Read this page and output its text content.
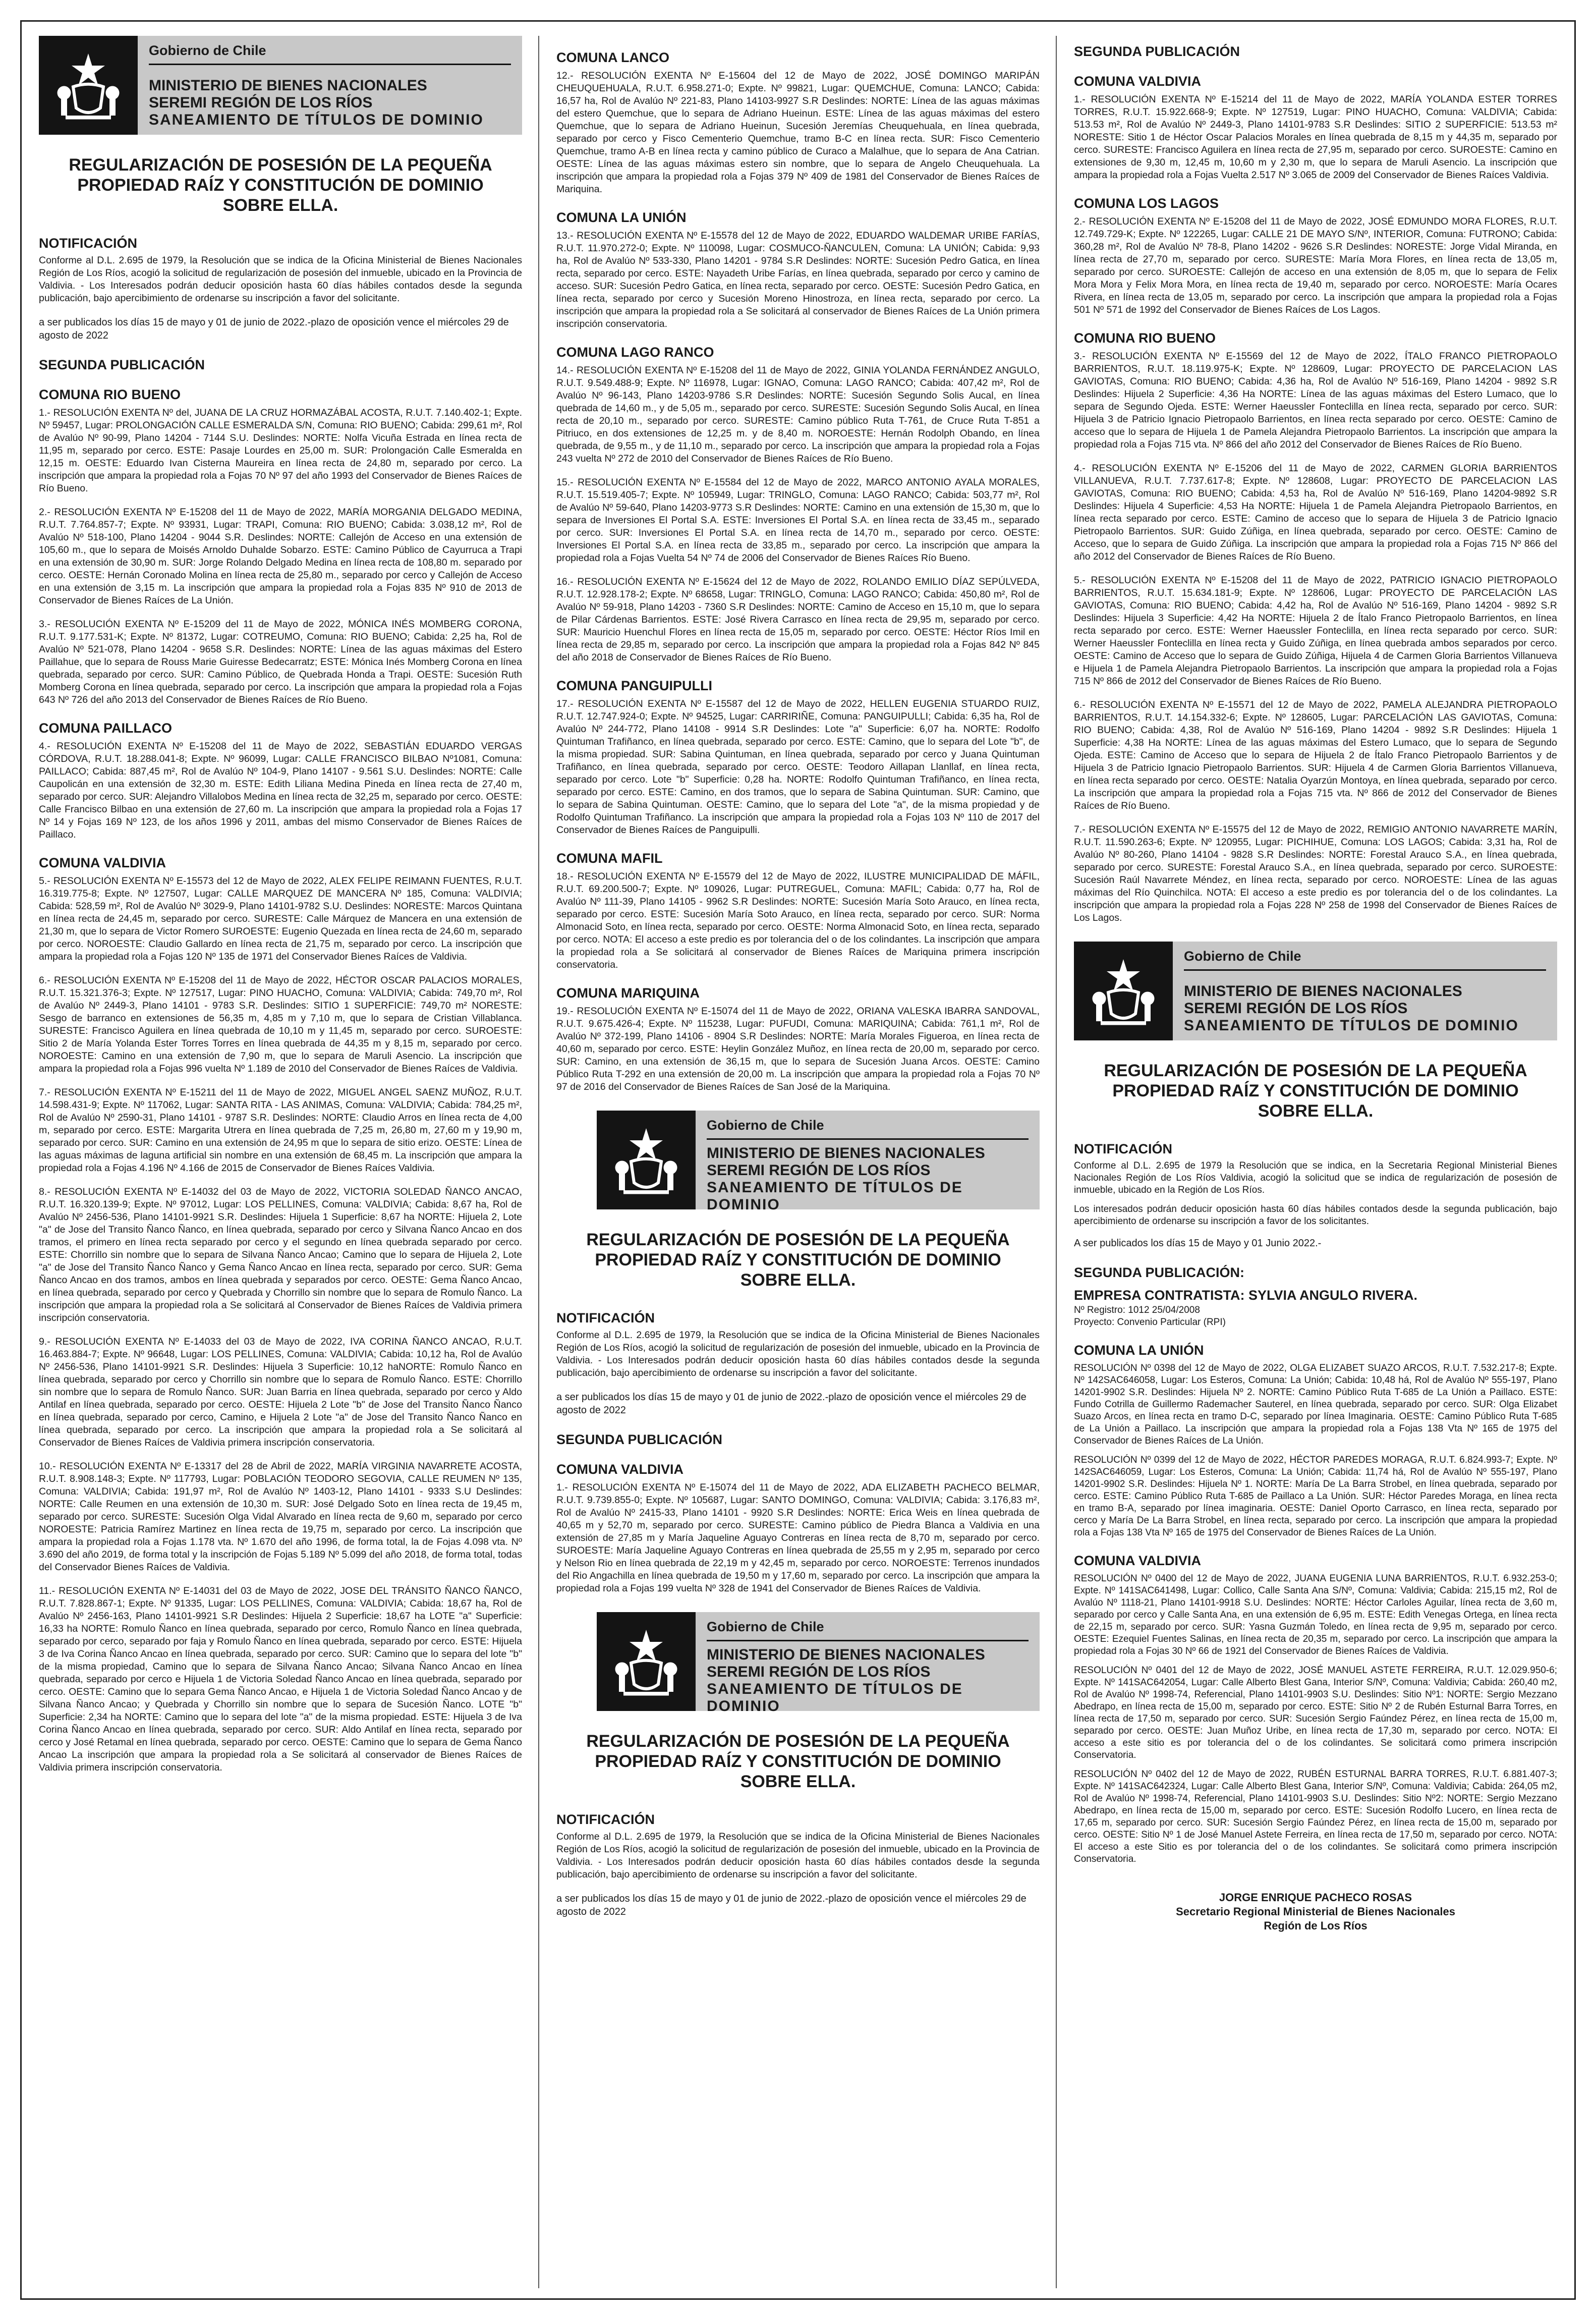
Gobierno de Chile
MINISTERIO DE BIENES NACIONALES
SEREMI REGIÓN DE LOS RÍOS
SANEAMIENTO DE TÍTULOS DE DOMINIO
REGULARIZACIÓN DE POSESIÓN DE LA PEQUEÑA PROPIEDAD RAÍZ Y CONSTITUCIÓN DE DOMINIO SOBRE ELLA.
NOTIFICACIÓN
Conforme al D.L. 2.695 de 1979, la Resolución que se indica de la Oficina Ministerial de Bienes Nacionales Región de Los Ríos, acogió la solicitud de regularización de posesión del inmueble, ubicado en la Provincia de Valdivia. - Los Interesados podrán deducir oposición hasta 60 días hábiles contados desde la segunda publicación, bajo apercibimiento de ordenarse su inscripción a favor del solicitante.
a ser publicados los días 15 de mayo y 01 de junio de 2022.-plazo de oposición vence el miércoles 29 de agosto de 2022
SEGUNDA PUBLICACIÓN
COMUNA RIO BUENO
1.- RESOLUCIÓN EXENTA Nº del, JUANA DE LA CRUZ HORMAZÁBAL ACOSTA, R.U.T. 7.140.402-1; Expte. Nº 59457, Lugar: PROLONGACIÓN CALLE ESMERALDA S/N, Comuna: RIO BUENO; Cabida: 299,61 m², Rol de Avalúo Nº 90-99, Plano 14204 - 7144 S.U. Deslindes: NORTE: Nolfa Vicuña Estrada en línea recta de 11,95 m, separado por cerco. ESTE: Pasaje Lourdes en 25,00 m. SUR: Prolongación Calle Esmeralda en 12,15 m. OESTE: Eduardo Ivan Cisterna Maureira en línea recta de 24,80 m, separado por cerco. La inscripción que ampara la propiedad rola a Fojas 70 Nº 97 del año 1993 del Conservador de Bienes Raíces de Río Bueno.
2.- RESOLUCIÓN EXENTA Nº E-15208 del 11 de Mayo de 2022, MARÍA MORGANIA DELGADO MEDINA, R.U.T. 7.764.857-7; Expte. Nº 93931, Lugar: TRAPI, Comuna: RIO BUENO; Cabida: 3.038,12 m², Rol de Avalúo Nº 518-100, Plano 14204 - 9044 S.R. Deslindes: NORTE: Callejón de Acceso en una extensión de 105,60 m., que lo separa de Moisés Arnoldo Duhalde Sobarzo. ESTE: Camino Público de Cayurruca a Trapi en una extensión de 30,90 m. SUR: Jorge Rolando Delgado Medina en línea recta de 108,80 m. separado por cerco. OESTE: Hernán Coronado Molina en línea recta de 25,80 m., separado por cerco y Callejón de Acceso en una extensión de 3,15 m. La inscripción que ampara la propiedad rola a Fojas 835 Nº 910 de 2013 de Conservador de Bienes Raíces de La Unión.
3.- RESOLUCIÓN EXENTA Nº E-15209 del 11 de Mayo de 2022, MÓNICA INÉS MOMBERG CORONA, R.U.T. 9.177.531-K; Expte. Nº 81372, Lugar: COTREUMO, Comuna: RIO BUENO; Cabida: 2,25 ha, Rol de Avalúo Nº 521-078, Plano 14204 - 9658 S.R. Deslindes: NORTE: Línea de las aguas máximas del Estero Paillahue, que lo separa de Rouss Marie Guiresse Bedecarratz; ESTE: Mónica Inés Momberg Corona en línea quebrada, separado por cerco. SUR: Camino Público, de Quebrada Honda a Trapi. OESTE: Sucesión Ruth Momberg Corona en línea quebrada, separado por cerco. La inscripción que ampara la propiedad rola a Fojas 643 Nº 726 del año 2013 del Conservador de Bienes Raíces de Río Bueno.
COMUNA PAILLACO
4.- RESOLUCIÓN EXENTA Nº E-15208 del 11 de Mayo de 2022, SEBASTIÁN EDUARDO VERGAS CÓRDOVA, R.U.T. 18.288.041-8; Expte. Nº 96099, Lugar: CALLE FRANCISCO BILBAO Nº1081, Comuna: PAILLACO; Cabida: 887,45 m², Rol de Avalúo Nº 104-9, Plano 14107 - 9.561 S.U. Deslindes: NORTE: Calle Caupolicán en una extensión de 32,30 m. ESTE: Edith Liliana Medina Pineda en línea recta de 27,40 m, separado por cerco. SUR: Alejandro Villalobos Medina en línea recta de 32,25 m, separado por cerco. OESTE: Calle Francisco Bilbao en una extensión de 27,60 m. La inscripción que ampara la propiedad rola a Fojas 17 Nº 14 y Fojas 169 Nº 123, de los años 1996 y 2011, ambas del mismo Conservador de Bienes Raíces de Paillaco.
COMUNA VALDIVIA
5.- RESOLUCIÓN EXENTA Nº E-15573 del 12 de Mayo de 2022, ALEX FELIPE REIMANN FUENTES, R.U.T. 16.319.775-8; Expte. Nº 127507, Lugar: CALLE MARQUEZ DE MANCERA Nº 185, Comuna: VALDIVIA; Cabida: 528,59 m², Rol de Avalúo Nº 3029-9, Plano 14101-9782 S.U. Deslindes: NORESTE: Marcos Quintana en línea recta de 24,45 m, separado por cerco. SURESTE: Calle Márquez de Mancera en una extensión de 21,30 m, que lo separa de Victor Romero SUROESTE: Eugenio Quezada en línea recta de 24,60 m, separado por cerco. NOROESTE: Claudio Gallardo en línea recta de 21,75 m, separado por cerco. La inscripción que ampara la propiedad rola a Fojas 120 Nº 135 de 1971 del Conservador Bienes Raíces de Valdivia.
6.- RESOLUCIÓN EXENTA Nº E-15208 del 11 de Mayo de 2022, HÉCTOR OSCAR PALACIOS MORALES, R.U.T. 15.321.376-3; Expte. Nº 127517, Lugar: PINO HUACHO, Comuna: VALDIVIA; Cabida: 749,70 m², Rol de Avalúo Nº 2449-3, Plano 14101 - 9783 S.R. Deslindes: SITIO 1 SUPERFICIE: 749,70 m² NORESTE: Sesgo de barranco en extensiones de 56,35 m, 4,85 m y 7,10 m, que lo separa de Cristian Villablanca. SURESTE: Francisco Aguilera en línea quebrada de 10,10 m y 11,45 m, separado por cerco. SUROESTE: Sitio 2 de María Yolanda Ester Torres Torres en línea quebrada de 44,35 m y 8,15 m, separado por cerco. NOROESTE: Camino en una extensión de 7,90 m, que lo separa de Maruli Asencio. La inscripción que ampara la propiedad rola a Fojas 996 vuelta Nº 1.189 de 2010 del Conservador de Bienes Raíces de Valdivia.
7.- RESOLUCIÓN EXENTA Nº E-15211 del 11 de Mayo de 2022, MIGUEL ANGEL SAENZ MUÑOZ, R.U.T. 14.598.431-9; Expte. Nº 117062, Lugar: SANTA RITA - LAS ANIMAS, Comuna: VALDIVIA; Cabida: 784,25 m², Rol de Avalúo Nº 2590-31, Plano 14101 - 9787 S.R. Deslindes: NORTE: Claudio Arros en línea recta de 4,00 m, separado por cerco. ESTE: Margarita Utrera en línea quebrada de 7,25 m, 26,80 m, 27,60 m y 19,90 m, separado por cerco. SUR: Camino en una extensión de 24,95 m que lo separa de sitio erizo. OESTE: Línea de las aguas máximas de laguna artificial sin nombre en una extensión de 68,45 m. La inscripción que ampara la propiedad rola a Fojas 4.196 Nº 4.166 de 2015 de Conservador de Bienes Raíces Valdivia.
8.- RESOLUCIÓN EXENTA Nº E-14032 del 03 de Mayo de 2022, VICTORIA SOLEDAD ÑANCO ANCAO, R.U.T. 16.320.139-9; Expte. Nº 97012, Lugar: LOS PELLINES, Comuna: VALDIVIA; Cabida: 8,67 ha, Rol de Avalúo Nº 2456-536, Plano 14101-9921 S.R. Deslindes: Hijuela 1 Superficie: 8,67 ha NORTE: Hijuela 2, Lote "a" de Jose del Transito Ñanco Ñanco, en línea quebrada, separado por cerco y Silvana Ñanco Ancao en dos tramos, el primero en línea recta separado por cerco y el segundo en línea quebrada separado por cerco. ESTE: Chorrillo sin nombre que lo separa de Silvana Ñanco Ancao; Camino que lo separa de Hijuela 2, Lote "a" de Jose del Transito Ñanco Ñanco y Gema Ñanco Ancao en línea recta, separado por cerco. SUR: Gema Ñanco Ancao en dos tramos, ambos en línea quebrada y separados por cerco. OESTE: Gema Ñanco Ancao, en línea quebrada, separado por cerco y Quebrada y Chorrillo sin nombre que lo separa de Romulo Ñanco. La inscripción que ampara la propiedad rola a Se solicitará al Conservador de Bienes Raíces de Valdivia primera inscripción conservatoria.
9.- RESOLUCIÓN EXENTA Nº E-14033 del 03 de Mayo de 2022, IVA CORINA ÑANCO ANCAO, R.U.T. 16.463.884-7; Expte. Nº 96648, Lugar: LOS PELLINES, Comuna: VALDIVIA; Cabida: 10,12 ha, Rol de Avalúo Nº 2456-536, Plano 14101-9921 S.R. Deslindes: Hijuela 3 Superficie: 10,12 haNORTE: Romulo Ñanco en línea quebrada, separado por cerco y Chorrillo sin nombre que lo separa de Romulo Ñanco. ESTE: Chorrillo sin nombre que lo separa de Romulo Ñanco. SUR: Juan Barria en línea quebrada, separado por cerco y Aldo Antilaf en línea quebrada, separado por cerco. OESTE: Hijuela 2 Lote "b" de Jose del Transito Ñanco Ñanco en línea quebrada, separado por cerco, Camino, e Hijuela 2 Lote "a" de Jose del Transito Ñanco Ñanco en línea quebrada, separado por cerco. La inscripción que ampara la propiedad rola a Se solicitará al Conservador de Bienes Raíces de Valdivia primera inscripción conservatoria.
10.- RESOLUCIÓN EXENTA Nº E-13317 del 28 de Abril de 2022, MARÍA VIRGINIA NAVARRETE ACOSTA, R.U.T. 8.908.148-3; Expte. Nº 117793, Lugar: POBLACIÓN TEODORO SEGOVIA, CALLE REUMEN Nº 135, Comuna: VALDIVIA; Cabida: 191,97 m², Rol de Avalúo Nº 1403-12, Plano 14101 - 9333 S.U Deslindes: NORTE: Calle Reumen en una extensión de 10,30 m. SUR: José Delgado Soto en línea recta de 19,45 m, separado por cerco. SURESTE: Sucesión Olga Vidal Alvarado en línea recta de 9,60 m, separado por cerco NOROESTE: Patricia Ramírez Martinez en línea recta de 19,75 m, separado por cerco. La inscripción que ampara la propiedad rola a Fojas 1.178 vta. Nº 1.670 del año 1996, de forma total, la de Fojas 4.098 vta. Nº 3.690 del año 2019, de forma total y la inscripción de Fojas 5.189 Nº 5.099 del año 2018, de forma total, todas del Conservador Bienes Raíces de Valdivia.
11.- RESOLUCIÓN EXENTA Nº E-14031 del 03 de Mayo de 2022, JOSE DEL TRÁNSITO ÑANCO ÑANCO, R.U.T. 7.828.867-1; Expte. Nº 91335, Lugar: LOS PELLINES, Comuna: VALDIVIA; Cabida: 18,67 ha, Rol de Avalúo Nº 2456-163, Plano 14101-9921 S.R Deslindes: Hijuela 2 Superficie: 18,67 ha LOTE "a" Superficie: 16,33 ha NORTE: Romulo Ñanco en línea quebrada, separado por cerco, Romulo Ñanco en línea quebrada, separado por cerco, separado por faja y Romulo Ñanco en línea quebrada, separado por cerco. ESTE: Hijuela 3 de Iva Corina Ñanco Ancao en línea quebrada, separado por cerco. SUR: Camino que lo separa del lote "b" de la misma propiedad, Camino que lo separa de Silvana Ñanco Ancao; Silvana Ñanco Ancao en línea quebrada, separado por cerco e Hijuela 1 de Victoria Soledad Ñanco Ancao en línea quebrada, separado por cerco. OESTE: Camino que lo separa Gema Ñanco Ancao, e Hijuela 1 de Victoria Soledad Ñanco Ancao y de Silvana Ñanco Ancao; y Quebrada y Chorrillo sin nombre que lo separa de Sucesión Ñanco. LOTE "b" Superficie: 2,34 ha NORTE: Camino que lo separa del lote "a" de la misma propiedad. ESTE: Hijuela 3 de Iva Corina Ñanco Ancao en línea quebrada, separado por cerco. SUR: Aldo Antilaf en línea recta, separado por cerco y José Retamal en línea quebrada, separado por cerco. OESTE: Camino que lo separa de Gema Ñanco Ancao La inscripción que ampara la propiedad rola a Se solicitará al conservador de Bienes Raíces de Valdivia primera inscripción conservatoria.
COMUNA LANCO
12.- RESOLUCIÓN EXENTA Nº E-15604 del 12 de Mayo de 2022, JOSÉ DOMINGO MARIPÁN CHEUQUEHUALA, R.U.T. 6.958.271-0; Expte. Nº 99821, Lugar: QUEMCHUE, Comuna: LANCO; Cabida: 16,57 ha, Rol de Avalúo Nº 221-83, Plano 14103-9927 S.R Deslindes: NORTE: Línea de las aguas máximas del estero Quemchue, que lo separa de Adriano Hueinun. ESTE: Línea de las aguas máximas del estero Quemchue, que lo separa de Adriano Hueinun, Sucesión Jeremías Cheuquehuala, en línea quebrada, separado por cerco y Fisco Cementerio Quemchue, tramo B-C en línea recta. SUR: Fisco Cementerio Quemchue, tramo A-B en línea recta y camino público de Curaco a Malalhue, que lo separa de Ana Catrian. OESTE: Línea de las aguas máximas estero sin nombre, que lo separa de Angelo Cheuquehuala. La inscripción que ampara la propiedad rola a Fojas 379 Nº 409 de 1981 del Conservador de Bienes Raíces de Mariquina.
COMUNA LA UNIÓN
13.- RESOLUCIÓN EXENTA Nº E-15578 del 12 de Mayo de 2022, EDUARDO WALDEMAR URIBE FARÍAS, R.U.T. 11.970.272-0; Expte. Nº 110098, Lugar: COSMUCO-ÑANCULEN, Comuna: LA UNIÓN; Cabida: 9,93 ha, Rol de Avalúo Nº 533-330, Plano 14201 - 9784 S.R Deslindes: NORTE: Sucesión Pedro Gatica, en línea recta, separado por cerco. ESTE: Nayadeth Uribe Farías, en línea quebrada, separado por cerco y camino de acceso. SUR: Sucesión Pedro Gatica, en línea recta, separado por cerco. OESTE: Sucesión Pedro Gatica, en línea recta, separado por cerco y Sucesión Moreno Hinostroza, en línea recta, separado por cerco. La inscripción que ampara la propiedad rola a Se solicitará al conservador de Bienes Raíces de La Unión primera inscripción conservatoria.
COMUNA LAGO RANCO
14.- RESOLUCIÓN EXENTA Nº E-15208 del 11 de Mayo de 2022, GINIA YOLANDA FERNÁNDEZ ANGULO, R.U.T. 9.549.488-9; Expte. Nº 116978, Lugar: IGNAO, Comuna: LAGO RANCO; Cabida: 407,42 m², Rol de Avalúo Nº 96-143, Plano 14203-9786 S.R Deslindes: NORTE: Sucesión Segundo Solis Aucal, en línea quebrada de 14,60 m., y de 5,05 m., separado por cerco. SURESTE: Sucesión Segundo Solis Aucal, en línea recta de 20,10 m., separado por cerco. SURESTE: Camino público Ruta T-761, de Cruce Ruta T-851 a Pitriuco, en dos extensiones de 12,25 m. y de 8,40 m. NOROESTE: Hernán Rodolph Obando, en línea quebrada, de 9,55 m., y de 11,10 m., separado por cerco. La inscripción que ampara la propiedad rola a Fojas 243 vuelta Nº 272 de 2010 del Conservador de Bienes Raíces de Río Bueno.
15.- RESOLUCIÓN EXENTA Nº E-15584 del 12 de Mayo de 2022, MARCO ANTONIO AYALA MORALES, R.U.T. 15.519.405-7; Expte. Nº 105949, Lugar: TRINGLO, Comuna: LAGO RANCO; Cabida: 503,77 m², Rol de Avalúo Nº 59-640, Plano 14203-9773 S.R Deslindes: NORTE: Camino en una extensión de 15,30 m, que lo separa de Inversiones El Portal S.A. ESTE: Inversiones El Portal S.A. en línea recta de 33,45 m., separado por cerco. SUR: Inversiones El Portal S.A. en línea recta de 14,70 m., separado por cerco. OESTE: Inversiones El Portal S.A. en línea recta de 33,85 m., separado por cerco. La inscripción que ampara la propiedad rola a Fojas Vuelta 54 Nº 74 de 2006 del Conservador de Bienes Raíces Río Bueno.
16.- RESOLUCIÓN EXENTA Nº E-15624 del 12 de Mayo de 2022, ROLANDO EMILIO DÍAZ SEPÚLVEDA, R.U.T. 12.928.178-2; Expte. Nº 68658, Lugar: TRINGLO, Comuna: LAGO RANCO; Cabida: 450,80 m², Rol de Avalúo Nº 59-918, Plano 14203 - 7360 S.R Deslindes: NORTE: Camino de Acceso en 15,10 m, que lo separa de Pilar Cárdenas Barrientos. ESTE: José Rivera Carrasco en línea recta de 29,95 m, separado por cerco. SUR: Mauricio Huenchul Flores en línea recta de 15,05 m, separado por cerco. OESTE: Héctor Ríos Imil en línea recta de 29,85 m, separado por cerco. La inscripción que ampara la propiedad rola a Fojas 842 Nº 845 del año 2018 de Conservador de Bienes Raíces de Río Bueno.
COMUNA PANGUIPULLI
17.- RESOLUCIÓN EXENTA Nº E-15587 del 12 de Mayo de 2022, HELLEN EUGENIA STUARDO RUIZ, R.U.T. 12.747.924-0; Expte. Nº 94525, Lugar: CARRIRIÑE, Comuna: PANGUIPULLI; Cabida: 6,35 ha, Rol de Avalúo Nº 244-772, Plano 14108 - 9914 S.R Deslindes: Lote "a" Superficie: 6,07 ha. NORTE: Rodolfo Quintuman Trafiñanco, en línea quebrada, separado por cerco. ESTE: Camino, que lo separa del Lote "b", de la misma propiedad. SUR: Sabina Quintuman, en línea quebrada, separado por cerco y Juana Quintuman Trafiñanco, en línea quebrada, separado por cerco. OESTE: Teodoro Aillapan Llanllaf, en línea recta, separado por cerco. Lote "b" Superficie: 0,28 ha. NORTE: Rodolfo Quintuman Trafiñanco, en línea recta, separado por cerco. ESTE: Camino, en dos tramos, que lo separa de Sabina Quintuman. SUR: Camino, que lo separa de Sabina Quintuman. OESTE: Camino, que lo separa del Lote "a", de la misma propiedad y de Rodolfo Quintuman Trafiñanco. La inscripción que ampara la propiedad rola a Fojas 103 Nº 110 de 2017 del Conservador de Bienes Raíces de Panguipulli.
COMUNA MAFIL
18.- RESOLUCIÓN EXENTA Nº E-15579 del 12 de Mayo de 2022, ILUSTRE MUNICIPALIDAD DE MÁFIL, R.U.T. 69.200.500-7; Expte. Nº 109026, Lugar: PUTREGUEL, Comuna: MAFIL; Cabida: 0,77 ha, Rol de Avalúo Nº 111-39, Plano 14105 - 9962 S.R Deslindes: NORTE: Sucesión María Soto Arauco, en línea recta, separado por cerco. ESTE: Sucesión María Soto Arauco, en línea recta, separado por cerco. SUR: Norma Almonacid Soto, en línea recta, separado por cerco. OESTE: Norma Almonacid Soto, en línea recta, separado por cerco. NOTA: El acceso a este predio es por tolerancia del o de los colindantes. La inscripción que ampara la propiedad rola a Se solicitará al conservador de Bienes Raíces de Mariquina primera inscripción conservatoria.
COMUNA MARIQUINA
19.- RESOLUCIÓN EXENTA Nº E-15074 del 11 de Mayo de 2022, ORIANA VALESKA IBARRA SANDOVAL, R.U.T. 9.675.426-4; Expte. Nº 115238, Lugar: PUFUDI, Comuna: MARIQUINA; Cabida: 761,1 m², Rol de Avalúo Nº 372-199, Plano 14106 - 8904 S.R Deslindes: NORTE: María Morales Figueroa, en línea recta de 40,60 m, separado por cerco. ESTE: Heylin González Muñoz, en línea recta de 20,00 m, separado por cerco. SUR: Camino, en una extensión de 36,15 m, que lo separa de Sucesión Juana Arcos. OESTE: Camino Público Ruta T-292 en una extensión de 20,00 m. La inscripción que ampara la propiedad rola a Fojas 70 Nº 97 de 2016 del Conservador de Bienes Raíces de San José de la Mariquina.
Gobierno de Chile
MINISTERIO DE BIENES NACIONALES
SEREMI REGIÓN DE LOS RÍOS
SANEAMIENTO DE TÍTULOS DE DOMINIO
REGULARIZACIÓN DE POSESIÓN DE LA PEQUEÑA PROPIEDAD RAÍZ Y CONSTITUCIÓN DE DOMINIO SOBRE ELLA.
NOTIFICACIÓN
Conforme al D.L. 2.695 de 1979, la Resolución que se indica de la Oficina Ministerial de Bienes Nacionales Región de Los Ríos, acogió la solicitud de regularización de posesión del inmueble, ubicado en la Provincia de Valdivia. - Los Interesados podrán deducir oposición hasta 60 días hábiles contados desde la segunda publicación, bajo apercibimiento de ordenarse su inscripción a favor del solicitante.
a ser publicados los días 15 de mayo y 01 de junio de 2022.-plazo de oposición vence el miércoles 29 de agosto de 2022
SEGUNDA PUBLICACIÓN
COMUNA VALDIVIA
1.- RESOLUCIÓN EXENTA Nº E-15074 del 11 de Mayo de 2022, ADA ELIZABETH PACHECO BELMAR, R.U.T. 9.739.855-0; Expte. Nº 105687, Lugar: SANTO DOMINGO, Comuna: VALDIVIA; Cabida: 3.176,83 m², Rol de Avalúo Nº 2415-33, Plano 14101 - 9920 S.R Deslindes: NORTE: Erica Weis en línea quebrada de 40,65 m y 52,70 m, separado por cerco. SURESTE: Camino público de Piedra Blanca a Valdivia en una extensión de 27,85 m y María Jaqueline Aguayo Contreras en línea recta de 8,70 m, separado por cerco. SUROESTE: María Jaqueline Aguayo Contreras en línea quebrada de 25,55 m y 2,95 m, separado por cerco y Nelson Rio en línea quebrada de 22,19 m y 42,45 m, separado por cerco. NOROESTE: Terrenos inundados del Rio Angachilla en línea quebrada de 19,50 m y 17,60 m, separado por cerco. La inscripción que ampara la propiedad rola a Fojas 199 vuelta Nº 328 de 1941 del Conservador de Bienes Raíces de Valdivia.
Gobierno de Chile
MINISTERIO DE BIENES NACIONALES
SEREMI REGIÓN DE LOS RÍOS
SANEAMIENTO DE TÍTULOS DE DOMINIO
REGULARIZACIÓN DE POSESIÓN DE LA PEQUEÑA PROPIEDAD RAÍZ Y CONSTITUCIÓN DE DOMINIO SOBRE ELLA.
NOTIFICACIÓN
Conforme al D.L. 2.695 de 1979, la Resolución que se indica de la Oficina Ministerial de Bienes Nacionales Región de Los Ríos, acogió la solicitud de regularización de posesión del inmueble, ubicado en la Provincia de Valdivia. - Los Interesados podrán deducir oposición hasta 60 días hábiles contados desde la segunda publicación, bajo apercibimiento de ordenarse su inscripción a favor del solicitante.
a ser publicados los días 15 de mayo y 01 de junio de 2022.-plazo de oposición vence el miércoles 29 de agosto de 2022
SEGUNDA PUBLICACIÓN
COMUNA VALDIVIA
1.- RESOLUCIÓN EXENTA Nº E-15214 del 11 de Mayo de 2022, MARÍA YOLANDA ESTER TORRES TORRES, R.U.T. 15.922.668-9; Expte. Nº 127519, Lugar: PINO HUACHO, Comuna: VALDIVIA; Cabida: 513.53 m², Rol de Avalúo Nº 2449-3, Plano 14101-9783 S.R Deslindes: SITIO 2 SUPERFICIE: 513.53 m² NORESTE: Sitio 1 de Héctor Oscar Palacios Morales en línea quebrada de 8,15 m y 44,35 m, separado por cerco. SURESTE: Francisco Aguilera en línea recta de 27,95 m, separado por cerco. SUROESTE: Camino en extensiones de 9,30 m, 12,45 m, 10,60 m y 2,30 m, que lo separa de Maruli Asencio. La inscripción que ampara la propiedad rola a Fojas Vuelta 2.517 Nº 3.065 de 2009 del Conservador de Bienes Raíces Valdivia.
COMUNA LOS LAGOS
2.- RESOLUCIÓN EXENTA Nº E-15208 del 11 de Mayo de 2022, JOSÉ EDMUNDO MORA FLORES, R.U.T. 12.749.729-K; Expte. Nº 122265, Lugar: CALLE 21 DE MAYO S/Nº, INTERIOR, Comuna: FUTRONO; Cabida: 360,28 m², Rol de Avalúo Nº 78-8, Plano 14202 - 9626 S.R Deslindes: NORESTE: Jorge Vidal Miranda, en línea recta de 27,70 m, separado por cerco. SURESTE: María Mora Flores, en línea recta de 13,05 m, separado por cerco. SUROESTE: Callejón de acceso en una extensión de 8,05 m, que lo separa de Felix Mora Mora y Felix Mora Mora, en línea recta de 19,40 m, separado por cerco. NOROESTE: María Ocares Rivera, en línea recta de 13,05 m, separado por cerco. La inscripción que ampara la propiedad rola a Fojas 501 Nº 571 de 1992 del Conservador de Bienes Raíces de Los Lagos.
COMUNA RIO BUENO
3.- RESOLUCIÓN EXENTA Nº E-15569 del 12 de Mayo de 2022, ÍTALO FRANCO PIETROPAOLO BARRIENTOS, R.U.T. 18.119.975-K; Expte. Nº 128609, Lugar: PROYECTO DE PARCELACION LAS GAVIOTAS, Comuna: RIO BUENO; Cabida: 4,36 ha, Rol de Avalúo Nº 516-169, Plano 14204 - 9892 S.R Deslindes: Hijuela 2 Superficie: 4,36 Ha NORTE: Línea de las aguas máximas del Estero Lumaco, que lo separa de Segundo Ojeda. ESTE: Werner Haeussler Fonteclilla en línea recta, separado por cerco. SUR: Hijuela 3 de Patricio Ignacio Pietropaolo Barrientos, en línea recta separado por cerco. OESTE: Camino de acceso que lo separa de Hijuela 1 de Pamela Alejandra Pietropaolo Barrientos. La inscripción que ampara la propiedad rola a Fojas 715 vta. Nº 866 del año 2012 del Conservador de Bienes Raíces de Río Bueno.
4.- RESOLUCIÓN EXENTA Nº E-15206 del 11 de Mayo de 2022, CARMEN GLORIA BARRIENTOS VILLANUEVA, R.U.T. 7.737.617-8; Expte. Nº 128608, Lugar: PROYECTO DE PARCELACION LAS GAVIOTAS, Comuna: RIO BUENO; Cabida: 4,53 ha, Rol de Avalúo Nº 516-169, Plano 14204-9892 S.R Deslindes: Hijuela 4 Superficie: 4,53 Ha NORTE: Hijuela 1 de Pamela Alejandra Pietropaolo Barrientos, en línea recta separado por cerco. ESTE: Camino de acceso que lo separa de Hijuela 3 de Patricio Ignacio Pietropaolo Barrientos. SUR: Guido Zúñiga, en línea quebrada, separado por cerco. OESTE: Camino de Acceso, que lo separa de Guido Zúñiga. La inscripción que ampara la propiedad rola a Fojas 715 Nº 866 del año 2012 del Conservador de Bienes Raíces de Río Bueno.
5.- RESOLUCIÓN EXENTA Nº E-15208 del 11 de Mayo de 2022, PATRICIO IGNACIO PIETROPAOLO BARRIENTOS, R.U.T. 15.634.181-9; Expte. Nº 128606, Lugar: PROYECTO DE PARCELACIÓN LAS GAVIOTAS, Comuna: RIO BUENO; Cabida: 4,42 ha, Rol de Avalúo Nº 516-169, Plano 14204 - 9892 S.R Deslindes: Hijuela 3 Superficie: 4,42 Ha NORTE: Hijuela 2 de Ítalo Franco Pietropaolo Barrientos, en línea recta separado por cerco. ESTE: Werner Haeussler Fonteclilla, en línea recta separado por cerco. SUR: Werner Haeussler Fonteclilla en línea recta y Guido Zúñiga, en línea quebrada ambos separados por cerco. OESTE: Camino de Acceso que lo separa de Guido Zúñiga, Hijuela 4 de Carmen Gloria Barrientos Villanueva e Hijuela 1 de Pamela Alejandra Pietropaolo Barrientos. La inscripción que ampara la propiedad rola a Fojas 715 Nº 866 de 2012 del Conservador de Bienes Raíces de Río Bueno.
6.- RESOLUCIÓN EXENTA Nº E-15571 del 12 de Mayo de 2022, PAMELA ALEJANDRA PIETROPAOLO BARRIENTOS, R.U.T. 14.154.332-6; Expte. Nº 128605, Lugar: PARCELACIÓN LAS GAVIOTAS, Comuna: RIO BUENO; Cabida: 4,38, Rol de Avalúo Nº 516-169, Plano 14204 - 9892 S.R Deslindes: Hijuela 1 Superficie: 4,38 Ha NORTE: Línea de las aguas máximas del Estero Lumaco, que lo separa de Segundo Ojeda. ESTE: Camino de Acceso que lo separa de Hijuela 2 de Ítalo Franco Pietropaolo Barrientos y de Hijuela 3 de Patricio Ignacio Pietropaolo Barrientos. SUR: Hijuela 4 de Carmen Gloria Barrientos Villanueva, en línea recta separado por cerco. OESTE: Natalia Oyarzún Montoya, en línea quebrada, separado por cerco. La inscripción que ampara la propiedad rola a Fojas 715 vta. Nº 866 de 2012 del Conservador de Bienes Raíces de Río Bueno.
7.- RESOLUCIÓN EXENTA Nº E-15575 del 12 de Mayo de 2022, REMIGIO ANTONIO NAVARRETE MARÍN, R.U.T. 11.590.263-6; Expte. Nº 120955, Lugar: PICHIHUE, Comuna: LOS LAGOS; Cabida: 3,31 ha, Rol de Avalúo Nº 80-260, Plano 14104 - 9828 S.R Deslindes: NORTE: Forestal Arauco S.A., en línea quebrada, separado por cerco. SURESTE: Forestal Arauco S.A., en línea quebrada, separado por cerco. SUROESTE: Sucesión Raúl Navarrete Méndez, en línea recta, separado por cerco. NOROESTE: Línea de las aguas máximas del Río Quinchilca. NOTA: El acceso a este predio es por tolerancia del o de los colindantes. La inscripción que ampara la propiedad rola a Fojas 228 Nº 258 de 1998 del Conservador de Bienes Raíces de Los Lagos.
Gobierno de Chile
MINISTERIO DE BIENES NACIONALES
SEREMI REGIÓN DE LOS RÍOS
SANEAMIENTO DE TÍTULOS DE DOMINIO
REGULARIZACIÓN DE POSESIÓN DE LA PEQUEÑA PROPIEDAD RAÍZ Y CONSTITUCIÓN DE DOMINIO SOBRE ELLA.
NOTIFICACIÓN
Conforme al D.L. 2.695 de 1979 la Resolución que se indica, en la Secretaria Regional Ministerial Bienes Nacionales Región de Los Ríos Valdivia, acogió la solicitud que se indica de regularización de posesión de inmueble, ubicado en la Región de Los Ríos.
Los interesados podrán deducir oposición hasta 60 días hábiles contados desde la segunda publicación, bajo apercibimiento de ordenarse su inscripción a favor de los solicitantes.
A ser publicados los días 15 de Mayo y 01 Junio 2022.-
SEGUNDA PUBLICACIÓN:
EMPRESA CONTRATISTA: SYLVIA ANGULO RIVERA.
Nº Registro: 1012 25/04/2008
Proyecto: Convenio Particular (RPI)
COMUNA LA UNIÓN
RESOLUCIÓN Nº 0398 del 12 de Mayo de 2022, OLGA ELIZABET SUAZO ARCOS, R.U.T. 7.532.217-8; Expte. Nº 142SAC646058, Lugar: Los Esteros, Comuna: La Unión; Cabida: 10,48 há, Rol de Avalúo Nº 555-197, Plano 14201-9902 S.R. Deslindes: Hijuela Nº 2. NORTE: Camino Público Ruta T-685 de La Unión a Paillaco. ESTE: Fundo Cotrilla de Guillermo Rademacher Sauterel, en línea quebrada, separado por cerco. SUR: Olga Elizabet Suazo Arcos, en línea recta en tramo D-C, separado por línea Imaginaria. OESTE: Camino Público Ruta T-685 de La Unión a Paillaco. La inscripción que ampara la propiedad rola a Fojas 138 Vta Nº 165 de 1975 del Conservador de Bienes Raíces de La Unión.
RESOLUCIÓN Nº 0399 del 12 de Mayo de 2022, HÉCTOR PAREDES MORAGA, R.U.T. 6.824.993-7; Expte. Nº 142SAC646059, Lugar: Los Esteros, Comuna: La Unión; Cabida: 11,74 há, Rol de Avalúo Nº 555-197, Plano 14201-9902 S.R. Deslindes: Hijuela Nº 1. NORTE: María De La Barra Strobel, en línea quebrada, separado por cerco. ESTE: Camino Público Ruta T-685 de Paillaco a La Unión. SUR: Héctor Paredes Moraga, en línea recta en tramo B-A, separado por línea imaginaria. OESTE: Daniel Oporto Carrasco, en línea recta, separado por cerco y María De La Barra Strobel, en línea recta, separado por cerco. La inscripción que ampara la propiedad rola a Fojas 138 Vta Nº 165 de 1975 del Conservador de Bienes Raíces de La Unión.
COMUNA VALDIVIA
RESOLUCIÓN Nº 0400 del 12 de Mayo de 2022, JUANA EUGENIA LUNA BARRIENTOS, R.U.T. 6.932.253-0; Expte. Nº 141SAC641498, Lugar: Collico, Calle Santa Ana S/Nº, Comuna: Valdivia; Cabida: 215,15 m2, Rol de Avalúo Nº 1118-21, Plano 14101-9918 S.U. Deslindes: NORTE: Héctor Carloles Aguilar, línea recta de 3,60 m, separado por cerco y Calle Santa Ana, en una extensión de 6,95 m. ESTE: Edith Venegas Ortega, en línea recta de 22,15 m, separado por cerco. SUR: Yasna Guzmán Toledo, en línea recta de 9,95 m, separado por cerco. OESTE: Ezequiel Fuentes Salinas, en línea recta de 20,35 m, separado por cerco. La inscripción que ampara la propiedad rola a Fojas 30 Nº 66 de 1921 del Conservador de Bienes Raíces de Valdivia.
RESOLUCIÓN Nº 0401 del 12 de Mayo de 2022, JOSÉ MANUEL ASTETE FERREIRA, R.U.T. 12.029.950-6; Expte. Nº 141SAC642054, Lugar: Calle Alberto Blest Gana, Interior S/Nº, Comuna: Valdivia; Cabida: 260,40 m2, Rol de Avalúo Nº 1998-74, Referencial, Plano 14101-9903 S.U. Deslindes: Sitio Nº1: NORTE: Sergio Mezzano Abedrapo, en línea recta de 15,00 m, separado por cerco. ESTE: Sitio Nº 2 de Rubén Esturnal Barra Torres, en línea recta de 17,50 m, separado por cerco. SUR: Sucesión Sergio Faúndez Pérez, en línea recta de 15,00 m, separado por cerco. OESTE: Juan Muñoz Uribe, en línea recta de 17,30 m, separado por cerco. NOTA: El acceso a este sitio es por tolerancia del o de los colindantes. Se solicitará como primera inscripción Conservatoria.
RESOLUCIÓN Nº 0402 del 12 de Mayo de 2022, RUBÉN ESTURNAL BARRA TORRES, R.U.T. 6.881.407-3; Expte. Nº 141SAC642324, Lugar: Calle Alberto Blest Gana, Interior S/Nº, Comuna: Valdivia; Cabida: 264,05 m2, Rol de Avalúo Nº 1998-74, Referencial, Plano 14101-9903 S.U. Deslindes: Sitio Nº2: NORTE: Sergio Mezzano Abedrapo, en línea recta de 15,00 m, separado por cerco. ESTE: Sucesión Rodolfo Lucero, en línea recta de 17,65 m, separado por cerco. SUR: Sucesión Sergio Faúndez Pérez, en línea recta de 15,00 m, separado por cerco. OESTE: Sitio Nº 1 de José Manuel Astete Ferreira, en línea recta de 17,50 m, separado por cerco. NOTA: El acceso a este Sitio es por tolerancia del o de los colindantes. Se solicitará como primera inscripción Conservatoria.
JORGE ENRIQUE PACHECO ROSAS
Secretario Regional Ministerial de Bienes Nacionales
Región de Los Ríos
